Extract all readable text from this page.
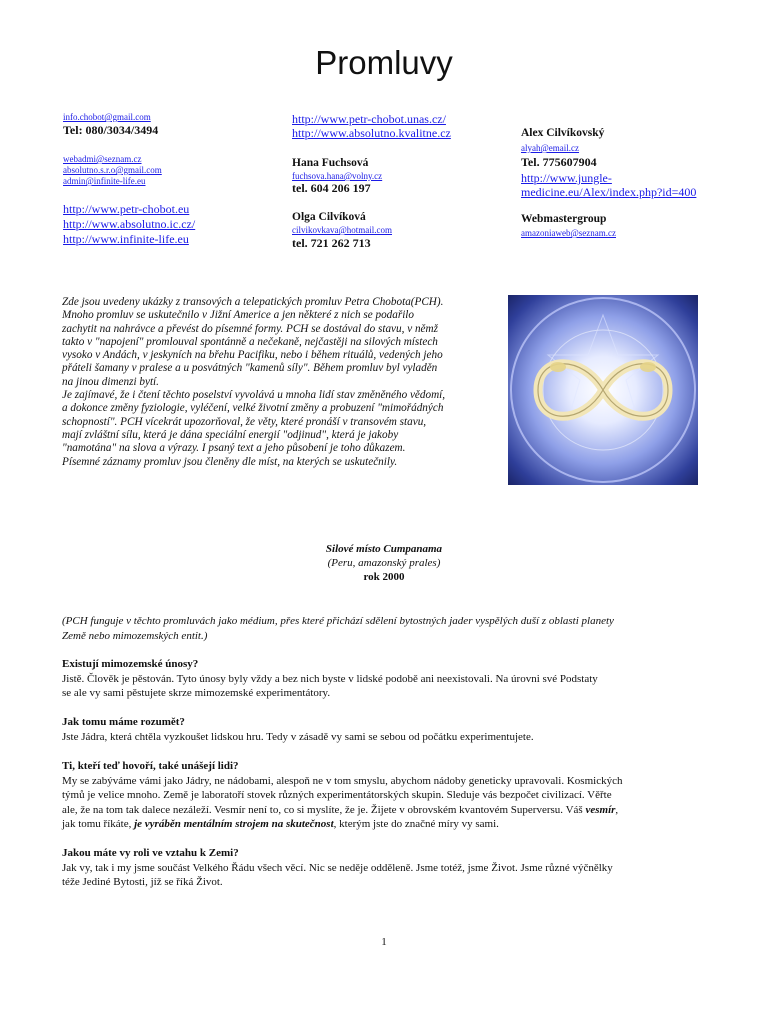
Promluvy
info.chobot@gmail.com
Tel: 080/3034/3494
webadmi@seznam.cz
absolutno.s.r.o@gmail.com
admin@infinite-life.eu
http://www.petr-chobot.eu
http://www.absolutno.ic.cz/
http://www.infinite-life.eu
http://www.petr-chobot.unas.cz/
http://www.absolutno.kvalitne.cz
Hana Fuchsová
fuchsova.hana@volny.cz
tel. 604 206 197
Olga Cilvíková
cilvikovkava@hotmail.com
tel. 721 262 713
Alex Cilvíkovský
alyah@email.cz
Tel. 775607904
http://www.jungle-
medicine.eu/Alex/index.php?id=400
Webmastergroup
amazoniaweb@seznam.cz
Zde jsou uvedeny ukázky z transových a telepatických promluv Petra Chobota(PCH).
Mnoho promluv se uskutečnilo v Jižní Americe a jen některé z nich se podařilo
zachytit na nahrávce a převést do písemné formy. PCH se dostával do stavu, v němž
takto v "napojení" promlouval spontánně a nečekaně, nejčastěji na silových místech
vysoko v Andách, v jeskyních na břehu Pacifiku, nebo i během rituálů, vedených jeho
přáteli šamany v pralese a u posvátných "kamenů síly". Během promluv byl vyladěn
na jinou dimenzi bytí.
Je zajímavé, že i čtení těchto poselství vyvolává u mnoha lidí stav změněného vědomí,
a dokonce změny fyziologie, vyléčení, velké životní změny a probuzení "mimořádných
schopností". PCH vícekrát upozorňoval, že věty, které pronáší v transovém stavu,
mají zvláštní sílu, která je dána speciální energií "odjinud", která je jakoby
"namotána" na slova a výrazy. I psaný text a jeho působení je toho důkazem.
Písemné záznamy promluv jsou členěny dle míst, na kterých se uskutečnily.
Silové místo Cumpanama
(Peru, amazonský prales)
rok 2000
(PCH funguje v těchto promluvách jako médium, přes které přichází sdělení bytostných jader vyspělých duší z oblasti planety
Země nebo mimozemských entit.)
Existují mimozemské únosy?
Jistě. Člověk je pěstován. Tyto únosy byly vždy a bez nich byste v lidské podobě ani neexistovali. Na úrovni své Podstaty
se ale vy sami pěstujete skrze mimozemské experimentátory.
Jak tomu máme rozumět?
Jste Jádra, která chtěla vyzkoušet lidskou hru. Tedy v zásadě vy sami se sebou od počátku experimentujete.
Ti, kteří teď hovoří, také unášejí lidi?
My se zabýváme vámi jako Jádry, ne nádobami, alespoň ne v tom smyslu, abychom nádoby geneticky upravovali. Kosmických
týmů je velice mnoho. Země je laboratoří stovek různých experimentátorských skupin. Sleduje vás bezpočet civilizací. Věřte
ale, že na tom tak dalece nezáleží. Vesmír není to, co si myslíte, že je. Žijete v obrovském kvantovém Superversu. Váš vesmír,
jak tomu říkáte, je vyráběn mentálním strojem na skutečnost, kterým jste do značné míry vy sami.
Jakou máte vy roli ve vztahu k Zemi?
Jak vy, tak i my jsme součást Velkého Řádu všech věcí. Nic se neděje odděleně. Jsme totéž, jsme Život. Jsme různé výčnělky
téže Jediné Bytosti, jíž se říká Život.
1
